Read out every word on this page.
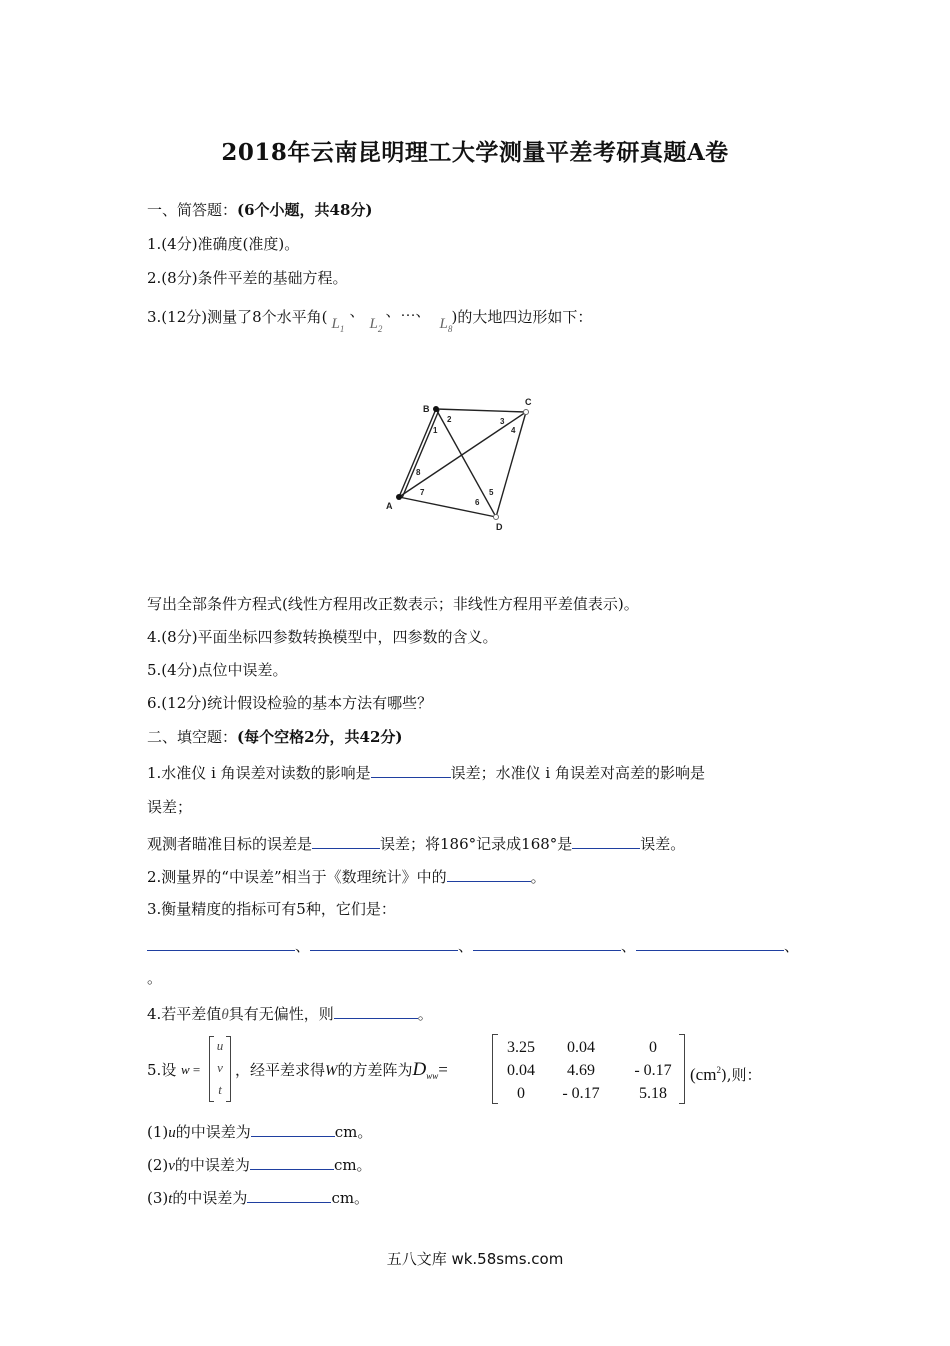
2018年云南昆明理工大学测量平差考研真题A卷
一、简答题：(6个小题，共48分)
1.(4分)准确度(准度)。
2.(8分)条件平差的基础方程。
3.(12分)测量了8个水平角( $L_1$
、
$L_2$
、…、
$L_8$
)的大地四边形如下：
A
B
C
D
1
2	3
4
5
6
7
8
写出全部条件方程式(线性方程用改正数表示；非线性方程用平差值表示)。
4.(8分)平面坐标四参数转换模型中，四参数的含义。
5.(4分)点位中误差。
6.(12分)统计假设检验的基本方法有哪些？
二、填空题：(每个空格2分，共42分)
1.水准仪 i 角误差对读数的影响是	误差；水准仪 i 角误差对高差的影响是
误差；
观测者瞄准目标的误差是	误差；将186°记录成168°是	误差。
2.测量界的“中误差”相当于《数理统计》中的	。
3.衡量精度的指标可有5种，它们是：
、	、	、	、
。
4.若平差值θ̂具有无偏性，则	。
5.设 w =
u
v
t
，经平差求得W的方差阵为$D_{ww}=$
3.25	0.04	0
0.04	4.69	- 0.17
0	- 0.17	5.18
$(cm^2)$,则：
(1)u的中误差为	cm。
(2)v的中误差为	cm。
(3)t的中误差为	cm。
五八文库 wk.58sms.com
